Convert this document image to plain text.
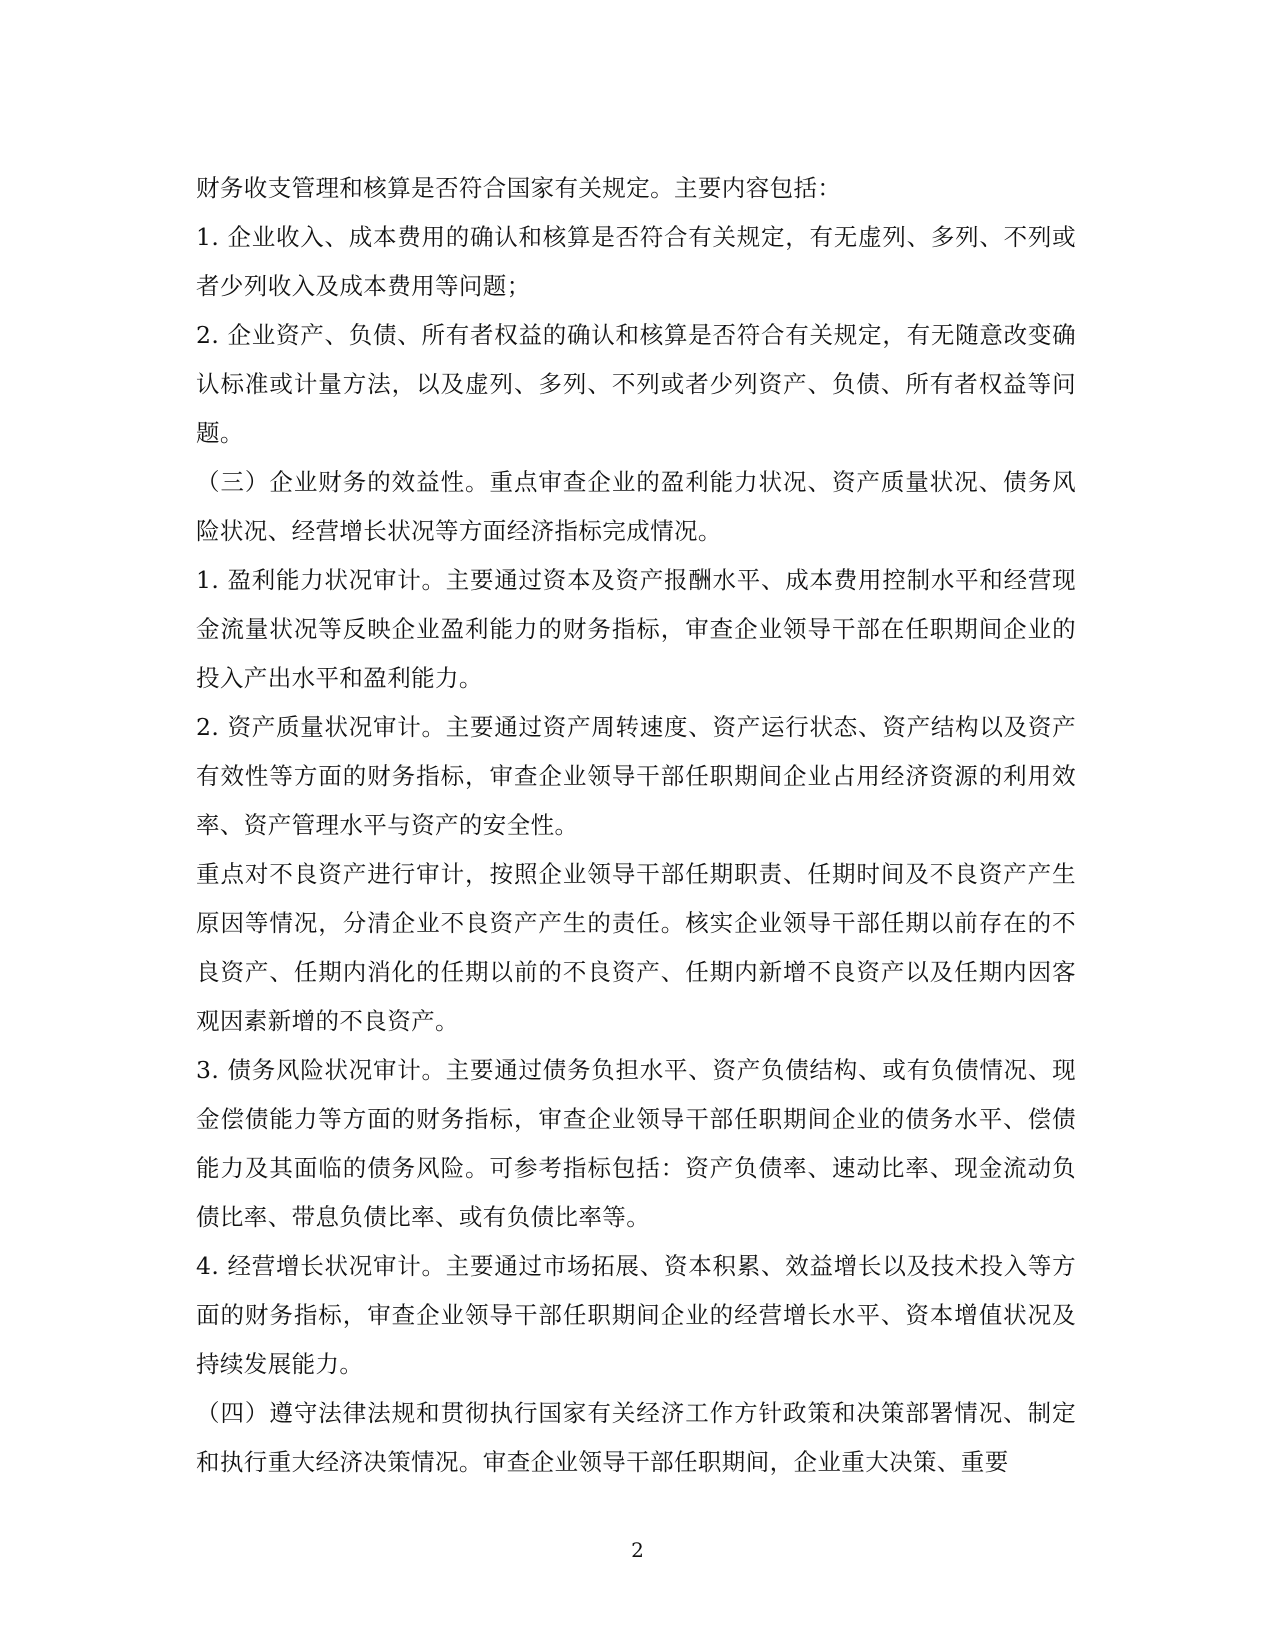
财务收支管理和核算是否符合国家有关规定。主要内容包括：

1. 企业收入、成本费用的确认和核算是否符合有关规定，有无虚列、多列、不列或者少列收入及成本费用等问题；

2. 企业资产、负债、所有者权益的确认和核算是否符合有关规定，有无随意改变确认标准或计量方法，以及虚列、多列、不列或者少列资产、负债、所有者权益等问题。

（三）企业财务的效益性。重点审查企业的盈利能力状况、资产质量状况、债务风险状况、经营增长状况等方面经济指标完成情况。

1. 盈利能力状况审计。主要通过资本及资产报酬水平、成本费用控制水平和经营现金流量状况等反映企业盈利能力的财务指标，审查企业领导干部在任职期间企业的投入产出水平和盈利能力。

2. 资产质量状况审计。主要通过资产周转速度、资产运行状态、资产结构以及资产有效性等方面的财务指标，审查企业领导干部任职期间企业占用经济资源的利用效率、资产管理水平与资产的安全性。

重点对不良资产进行审计，按照企业领导干部任期职责、任期时间及不良资产产生原因等情况，分清企业不良资产产生的责任。核实企业领导干部任期以前存在的不良资产、任期内消化的任期以前的不良资产、任期内新增不良资产以及任期内因客观因素新增的不良资产。

3. 债务风险状况审计。主要通过债务负担水平、资产负债结构、或有负债情况、现金偿债能力等方面的财务指标，审查企业领导干部任职期间企业的债务水平、偿债能力及其面临的债务风险。可参考指标包括：资产负债率、速动比率、现金流动负债比率、带息负债比率、或有负债比率等。

4. 经营增长状况审计。主要通过市场拓展、资本积累、效益增长以及技术投入等方面的财务指标，审查企业领导干部任职期间企业的经营增长水平、资本增值状况及持续发展能力。

（四）遵守法律法规和贯彻执行国家有关经济工作方针政策和决策部署情况、制定和执行重大经济决策情况。审查企业领导干部任职期间，企业重大决策、重要

2
